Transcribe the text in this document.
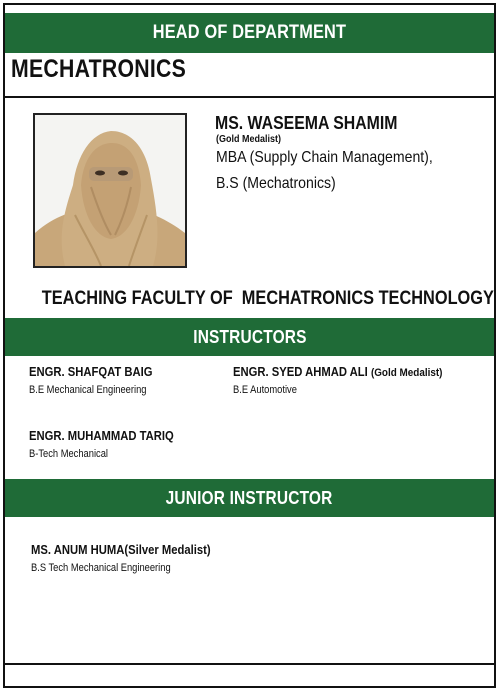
HEAD OF DEPARTMENT
MECHATRONICS
MS. WASEEMA SHAMIM
(Gold Medalist)
MBA (Supply Chain Management),
B.S (Mechatronics)
TEACHING FACULTY OF  MECHATRONICS TECHNOLOGY
INSTRUCTORS
ENGR. SHAFQAT BAIG
B.E Mechanical Engineering
ENGR. SYED AHMAD ALI (Gold Medalist)
B.E Automotive
ENGR. MUHAMMAD TARIQ
B-Tech Mechanical
JUNIOR INSTRUCTOR
MS. ANUM HUMA(Silver Medalist)
B.S Tech Mechanical Engineering
